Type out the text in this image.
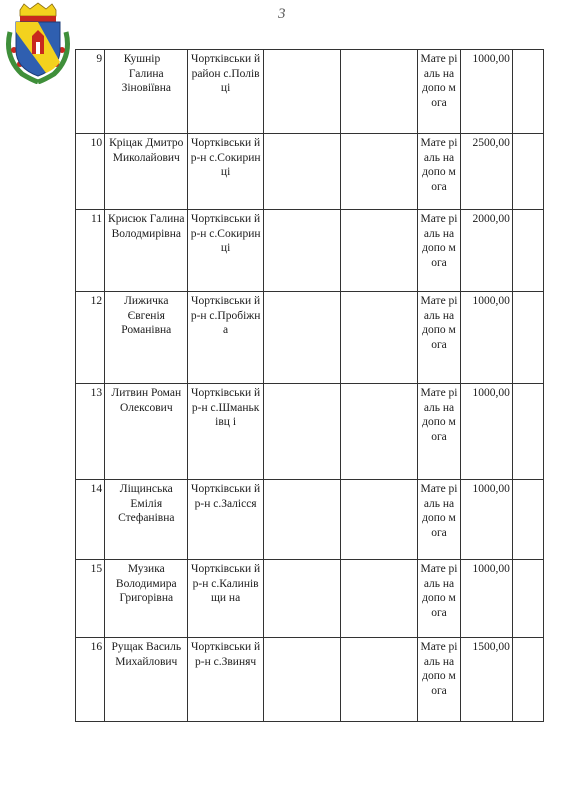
3
9	Кушнір    Галина Зіновіївна	Чортківськи й район с.Полівці			Мате ріаль на допо мога	1000,00	
10	Кріцак Дмитро Миколайович	Чортківськи й р-н с.Сокиринці			Мате ріаль на допо мога	2500,00	
11	Крисюк Галина Володмирівна	Чортківськи й р-н с.Сокиринці			Мате ріаль на допо мога	2000,00	
12	Лижичка Євгенія Романівна	Чортківськи й р-н с.Пробіжна			Мате ріаль на допо мога	1000,00	
13	Литвин Роман Олексович	Чортківськи й р-н с.Шманьківц і			Мате ріаль на допо мога	1000,00	
14	Ліщинська Емілія Стефанівна	Чортківськи й р-н с.Залісся			Мате ріаль на допо мога	1000,00	
15	Музика Володимира Григорівна	Чортківськи й р-н с.Калинівщи на			Мате ріаль на допо мога	1000,00	
16	Рущак Василь Михайлович	Чортківськи й р-н с.Звиняч			Мате ріаль на допо мога	1500,00	
